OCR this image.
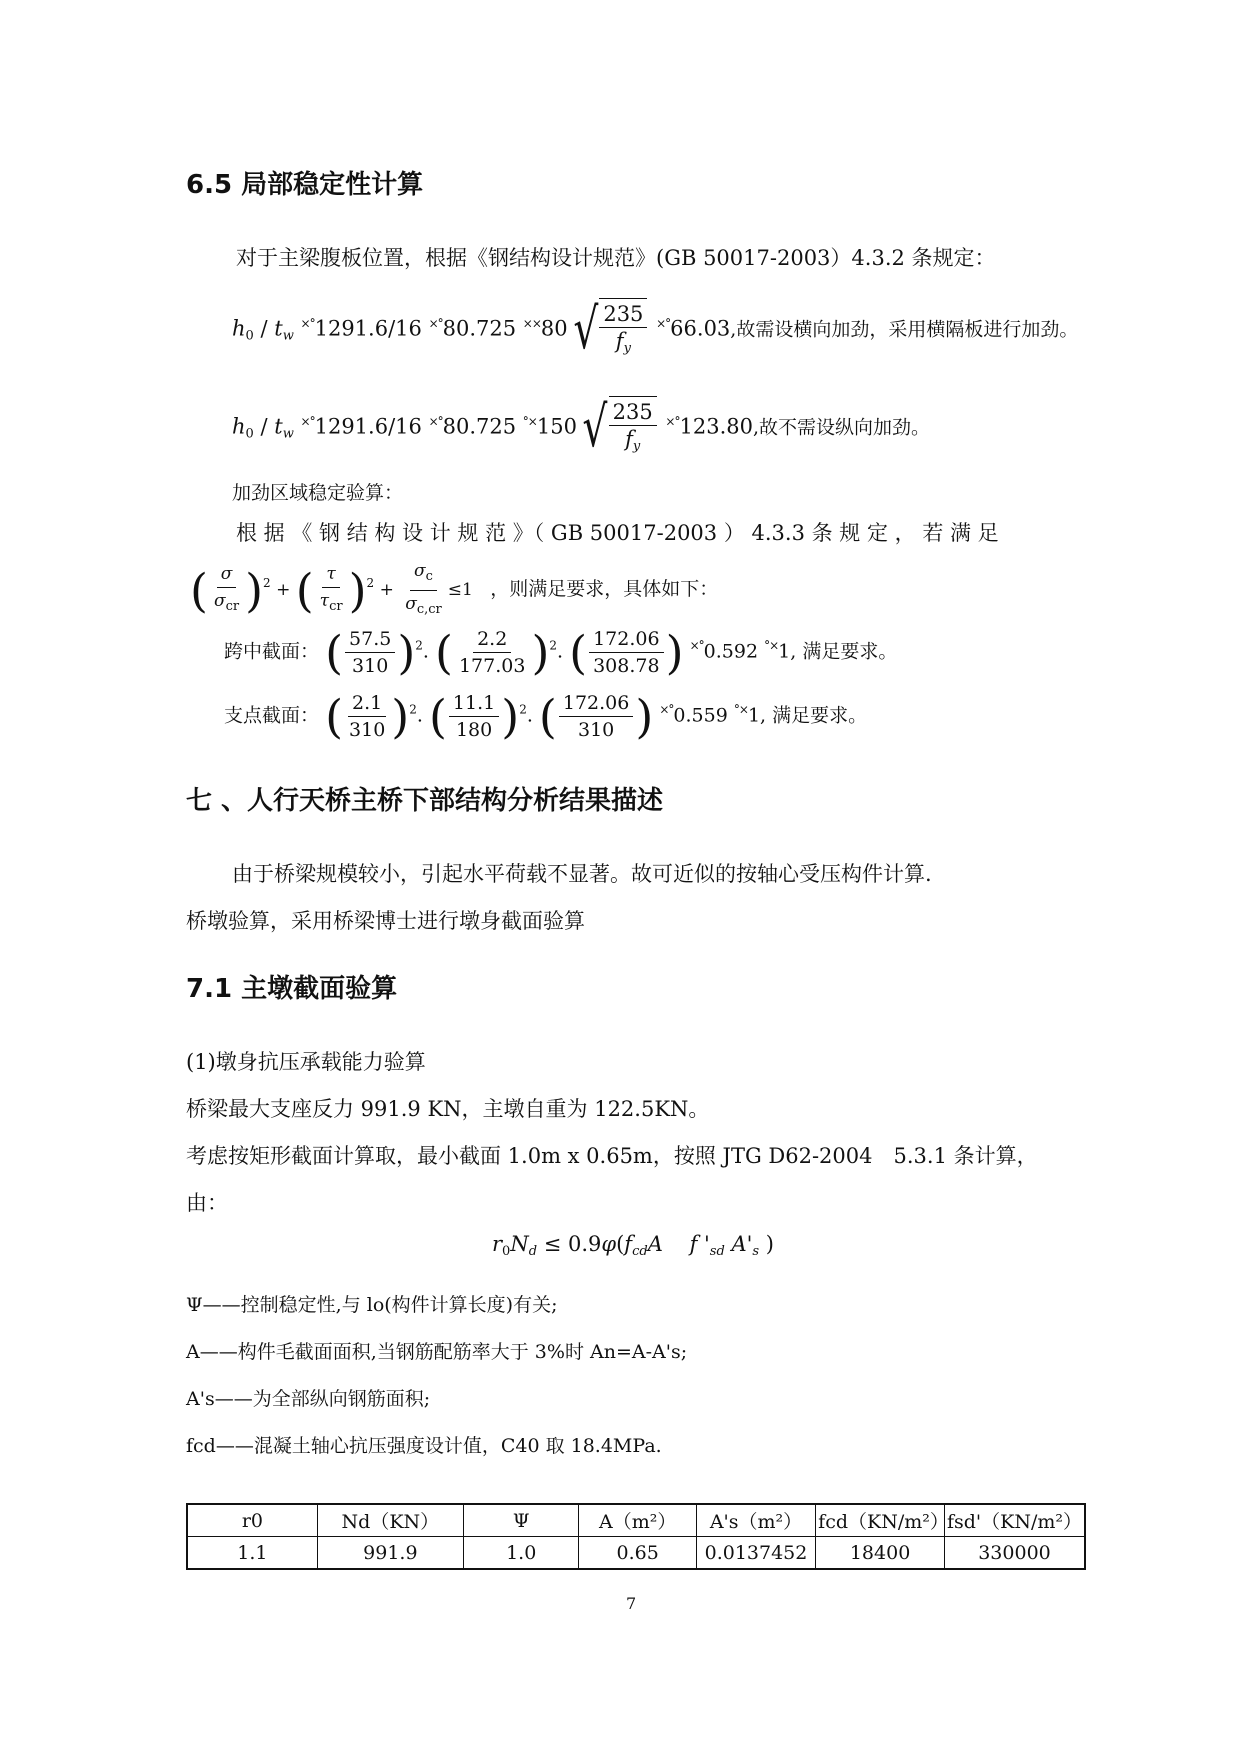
6.5 局部稳定性计算
对于主梁腹板位置，根据《钢结构设计规范》(GB 50017-2003）4.3.2 条规定：
$h_0 / t_w$ ×°1291.6/16 ×°80.725 ××80 √ $\frac{235}{f_y} ^{\times^\circ}66.03$,故需设横向加劲，采用横隔板进行加劲。
$h_0 / t_w$ ×°1291.6/16 ×°80.725 °×150 √ $\frac{235}{f_y} ^{\times^\circ}123.80$,故不需设纵向加劲。
加劲区域稳定验算：
根 据 《 钢 结 构 设 计 规 范 》（ GB 50017-2003 ） 4.3.3 条 规 定 ， 若 满 足
( $\frac{\sigma}{\sigma_{cr}} )^2$ + ( $\frac{\tau}{\tau_{cr}} )^2 + \frac{\sigma_c}{\sigma_{c,cr}} \le 1$ ，则满足要求，具体如下：
跨中截面： ( $\frac{57.5}{310} )^2$. ( $\frac{2.2}{177.03} )^2$. ( $\frac{172.06}{308.78}$ ) ×°0.592 °×1, 满足要求。
支点截面： ( $\frac{2.1}{310} )^2$. ( $\frac{11.1}{180} )^2$. ( $\frac{172.06}{310}$ ) ×°0.559 °×1, 满足要求。
七 、人行天桥主桥下部结构分析结果描述
由于桥梁规模较小，引起水平荷载不显著。故可近似的按轴心受压构件计算.
桥墩验算，采用桥梁博士进行墩身截面验算
7.1 主墩截面验算
(1)墩身抗压承载能力验算
桥梁最大支座反力 991.9 KN，主墩自重为 122.5KN。
考虑按矩形截面计算取，最小截面 1.0m x 0.65m，按照 JTG D62-2004　5.3.1 条计算，
由：
$r_0N_d \le 0.9\varphi(f_{cd}A$ f '$_{sd}$ $A'_s$ )
Ψ——控制稳定性,与 lo(构件计算长度)有关;
A——构件毛截面面积,当钢筋配筋率大于 3%时 An=A-A's;
A's——为全部纵向钢筋面积;
fcd——混凝土轴心抗压强度设计值，C40 取 18.4MPa.
r0	Nd（KN）	Ψ	A（m²）	A's（m²）	fcd（KN/m²）	fsd'（KN/m²）
1.1	991.9	1.0	0.65	0.0137452	18400	330000
7
